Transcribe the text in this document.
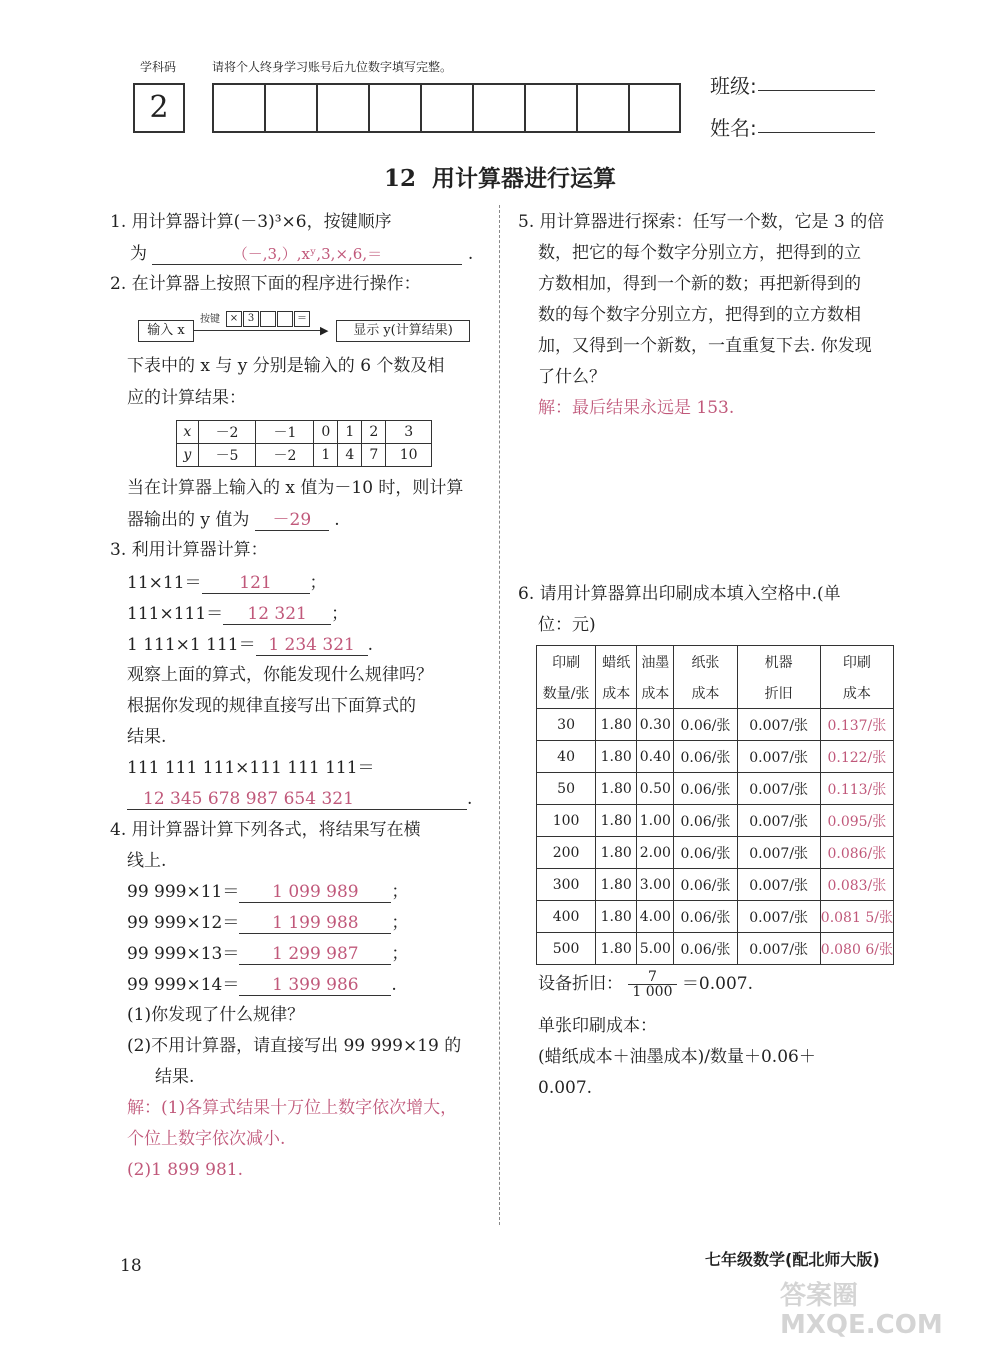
学科码
2
请将个人终身学习账号后九位数字填写完整。
班级:
姓名:
12  用计算器进行运算
1. 用计算器计算(－3)³×6，按键顺序
为	（－,3,）,xʸ,3,×,6,＝	.
2. 在计算器上按照下面的程序进行操作：
输入 x
按键 × 3	＝
▶	显示 y(计算结果)
下表中的 x 与 y 分别是输入的 6 个数及相
应的计算结果：
x	－2	－1	0	1	2	3
y	－5	－2	1	4	7	10
当在计算器上输入的 x 值为－10 时，则计算
器输出的 y 值为 －29 .
3. 利用计算器计算：
11×11＝ 121 ；
111×111＝ 12 321 ；
1 111×1 111＝ 1 234 321 .
观察上面的算式，你能发现什么规律吗？
根据你发现的规律直接写出下面算式的
结果.
111 111 111×111 111 111＝
12 345 678 987 654 321	.
4. 用计算器计算下列各式，将结果写在横
线上.
99 999×11＝ 1 099 989 ；
99 999×12＝ 1 199 988 ；
99 999×13＝ 1 299 987 ；
99 999×14＝ 1 399 986 .
(1)你发现了什么规律？
(2)不用计算器，请直接写出 99 999×19 的
结果.
解：(1)各算式结果十万位上数字依次增大，
个位上数字依次减小.
(2)1 899 981.
5. 用计算器进行探索：任写一个数，它是 3 的倍
数，把它的每个数字分别立方，把得到的立
方数相加，得到一个新的数；再把新得到的
数的每个数字分别立方，把得到的立方数相
加，又得到一个新数，一直重复下去. 你发现
了什么？
解：最后结果永远是 153.
6. 请用计算器算出印刷成本填入空格中.(单
位：元)
印刷	蜡纸	油墨	纸张	机器	印刷
数量/张	成本	成本	成本	折旧	成本
30	1.80	0.30	0.06/张	0.007/张	0.137/张
40	1.80	0.40	0.06/张	0.007/张	0.122/张
50	1.80	0.50	0.06/张	0.007/张	0.113/张
100	1.80	1.00	0.06/张	0.007/张	0.095/张
200	1.80	2.00	0.06/张	0.007/张	0.086/张
300	1.80	3.00	0.06/张	0.007/张	0.083/张
400	1.80	4.00	0.06/张	0.007/张	0.081 5/张
500	1.80	5.00	0.06/张	0.007/张	0.080 6/张
设备折旧： $\frac{7}{1 000} =0.007$.
单张印刷成本：
(蜡纸成本＋油墨成本)/数量＋0.06＋
0.007.
18	七年级数学(配北师大版)
答案圈 MXQE.COM
